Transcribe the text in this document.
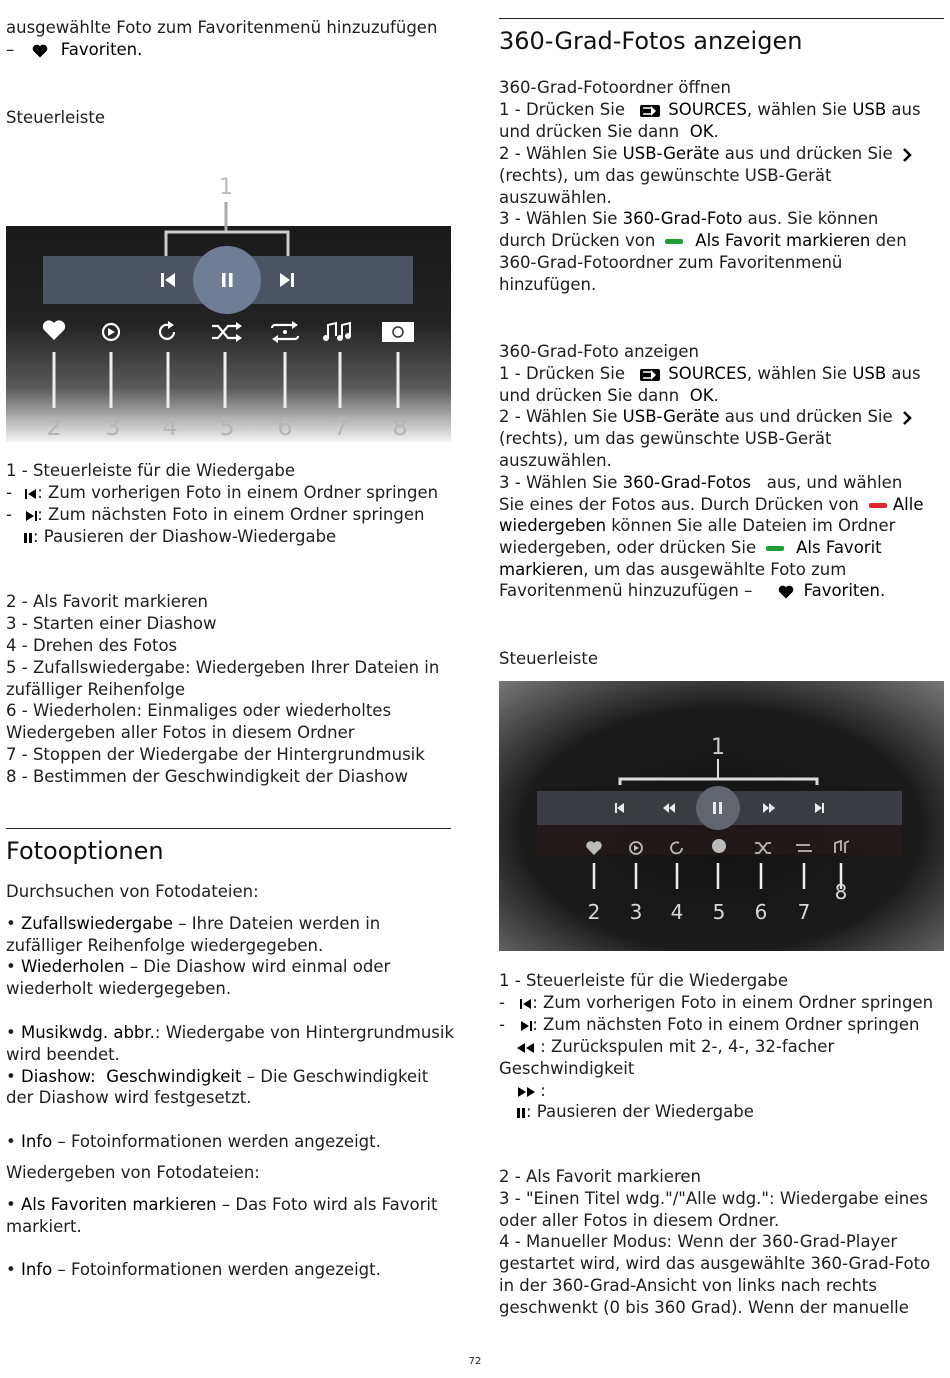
ausgewählte Foto zum Favoritenmenü hinzuzufügen
–	Favoriten.
Steuerleiste
1
2 3 4 5 6 7 8
1 - Steuerleiste für die Wiedergabe
- : Zum vorherigen Foto in einem Ordner springen
- : Zum nächsten Foto in einem Ordner springen
: Pausieren der Diashow-Wiedergabe
2 - Als Favorit markieren
3 - Starten einer Diashow
4 - Drehen des Fotos
5 - Zufallswiedergabe: Wiedergeben Ihrer Dateien in
zufälliger Reihenfolge
6 - Wiederholen: Einmaliges oder wiederholtes
Wiedergeben aller Fotos in diesem Ordner
7 - Stoppen der Wiedergabe der Hintergrundmusik
8 - Bestimmen der Geschwindigkeit der Diashow
Fotooptionen
Durchsuchen von Fotodateien:
• Zufallswiedergabe – Ihre Dateien werden in
zufälliger Reihenfolge wiedergegeben.
• Wiederholen – Die Diashow wird einmal oder
wiederholt wiedergegeben.
• Musikwdg. abbr.: Wiedergabe von Hintergrundmusik
wird beendet.
• Diashow: Geschwindigkeit – Die Geschwindigkeit
der Diashow wird festgesetzt.
• Info – Fotoinformationen werden angezeigt.
Wiedergeben von Fotodateien:
• Als Favoriten markieren – Das Foto wird als Favorit
markiert.
• Info – Fotoinformationen werden angezeigt.
360-Grad-Fotos anzeigen
360-Grad-Fotoordner öffnen
1 - Drücken Sie	SOURCES, wählen Sie USB aus
und drücken Sie dann OK.
2 - Wählen Sie USB-Geräte aus und drücken Sie
(rechts), um das gewünschte USB-Gerät
auszuwählen.
3 - Wählen Sie 360-Grad-Foto aus. Sie können
durch Drücken von Als Favorit markieren den
360-Grad-Fotoordner zum Favoritenmenü
hinzufügen.
360-Grad-Foto anzeigen
1 - Drücken Sie	SOURCES, wählen Sie USB aus
und drücken Sie dann OK.
2 - Wählen Sie USB-Geräte aus und drücken Sie
(rechts), um das gewünschte USB-Gerät
auszuwählen.
3 - Wählen Sie 360-Grad-Fotos aus, und wählen
Sie eines der Fotos aus. Durch Drücken von Alle
wiedergeben können Sie alle Dateien im Ordner
wiedergeben, oder drücken Sie Als Favorit
markieren, um das ausgewählte Foto zum
Favoritenmenü hinzuzufügen –	Favoriten.
Steuerleiste
1
2 3 4 5 6 7
8
1 - Steuerleiste für die Wiedergabe
- : Zum vorherigen Foto in einem Ordner springen
- : Zum nächsten Foto in einem Ordner springen
: Zurückspulen mit 2-, 4-, 32-facher
Geschwindigkeit
:
: Pausieren der Wiedergabe
2 - Als Favorit markieren
3 - "Einen Titel wdg."/"Alle wdg.": Wiedergabe eines
oder aller Fotos in diesem Ordner.
4 - Manueller Modus: Wenn der 360-Grad-Player
gestartet wird, wird das ausgewählte 360-Grad-Foto
in der 360-Grad-Ansicht von links nach rechts
geschwenkt (0 bis 360 Grad). Wenn der manuelle
72
